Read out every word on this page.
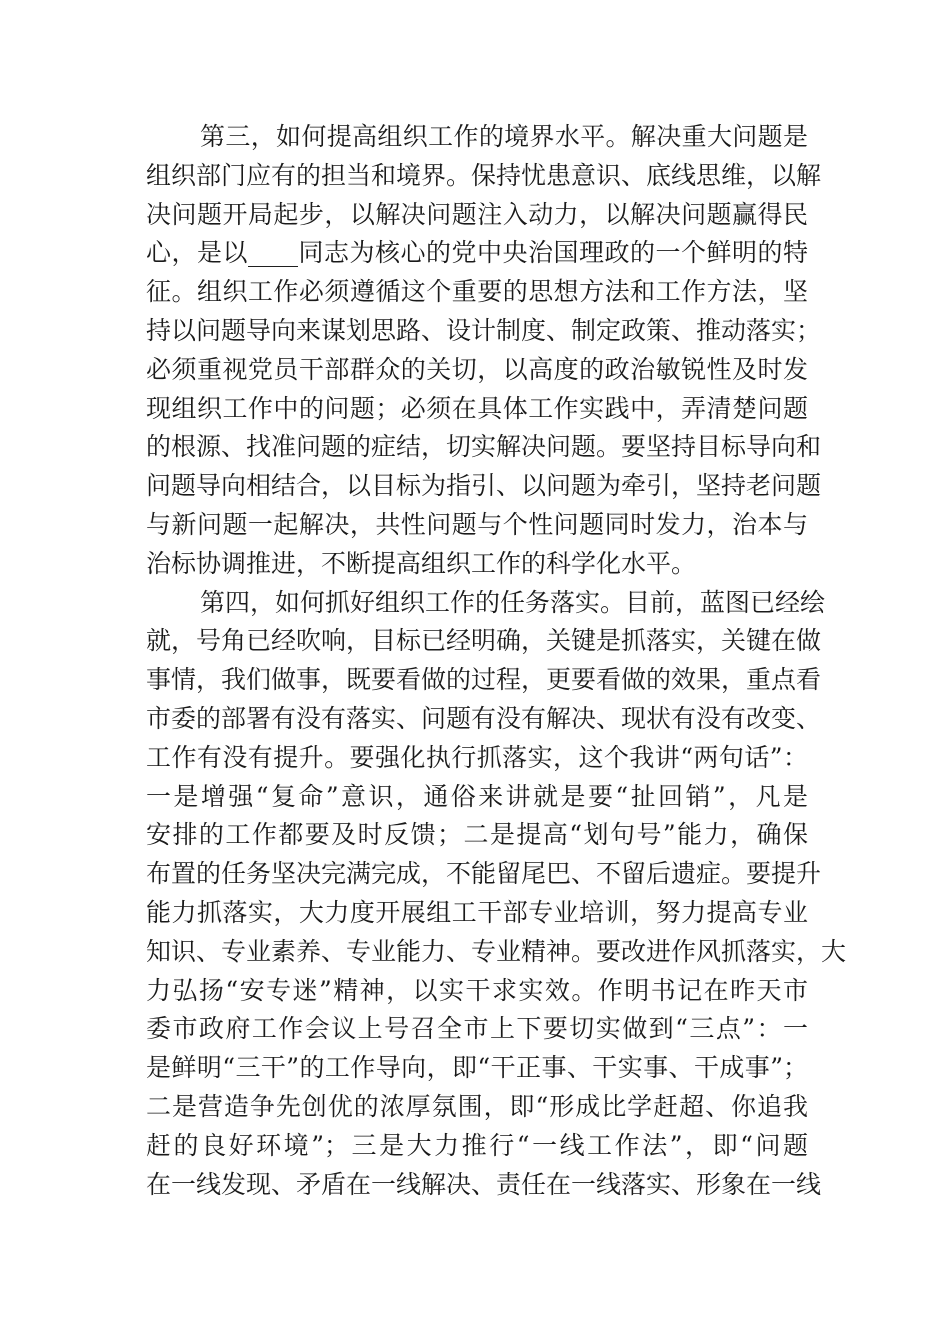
第三，如何提高组织工作的境界水平。解决重大问题是
组织部门应有的担当和境界。保持忧患意识、底线思维，以解
决问题开局起步，以解决问题注入动力，以解决问题赢得民
心，是以____同志为核心的党中央治国理政的一个鲜明的特
征。组织工作必须遵循这个重要的思想方法和工作方法，坚
持以问题导向来谋划思路、设计制度、制定政策、推动落实；
必须重视党员干部群众的关切，以高度的政治敏锐性及时发
现组织工作中的问题；必须在具体工作实践中，弄清楚问题
的根源、找准问题的症结，切实解决问题。要坚持目标导向和
问题导向相结合，以目标为指引、以问题为牵引，坚持老问题
与新问题一起解决，共性问题与个性问题同时发力，治本与
治标协调推进，不断提高组织工作的科学化水平。
第四，如何抓好组织工作的任务落实。目前，蓝图已经绘
就，号角已经吹响，目标已经明确，关键是抓落实，关键在做
事情，我们做事，既要看做的过程，更要看做的效果，重点看
市委的部署有没有落实、问题有没有解决、现状有没有改变、
工作有没有提升。要强化执行抓落实，这个我讲“两句话”：
一是增强“复命”意识，通俗来讲就是要“扯回销”，凡是
安排的工作都要及时反馈；二是提高“划句号”能力，确保
布置的任务坚决完满完成，不能留尾巴、不留后遗症。要提升
能力抓落实，大力度开展组工干部专业培训，努力提高专业
知识、专业素养、专业能力、专业精神。要改进作风抓落实，大
力弘扬“安专迷”精神，以实干求实效。作明书记在昨天市
委市政府工作会议上号召全市上下要切实做到“三点”：一
是鲜明“三干”的工作导向，即“干正事、干实事、干成事”；
二是营造争先创优的浓厚氛围，即“形成比学赶超、你追我
赶的良好环境”；三是大力推行“一线工作法”，即“问题
在一线发现、矛盾在一线解决、责任在一线落实、形象在一线
